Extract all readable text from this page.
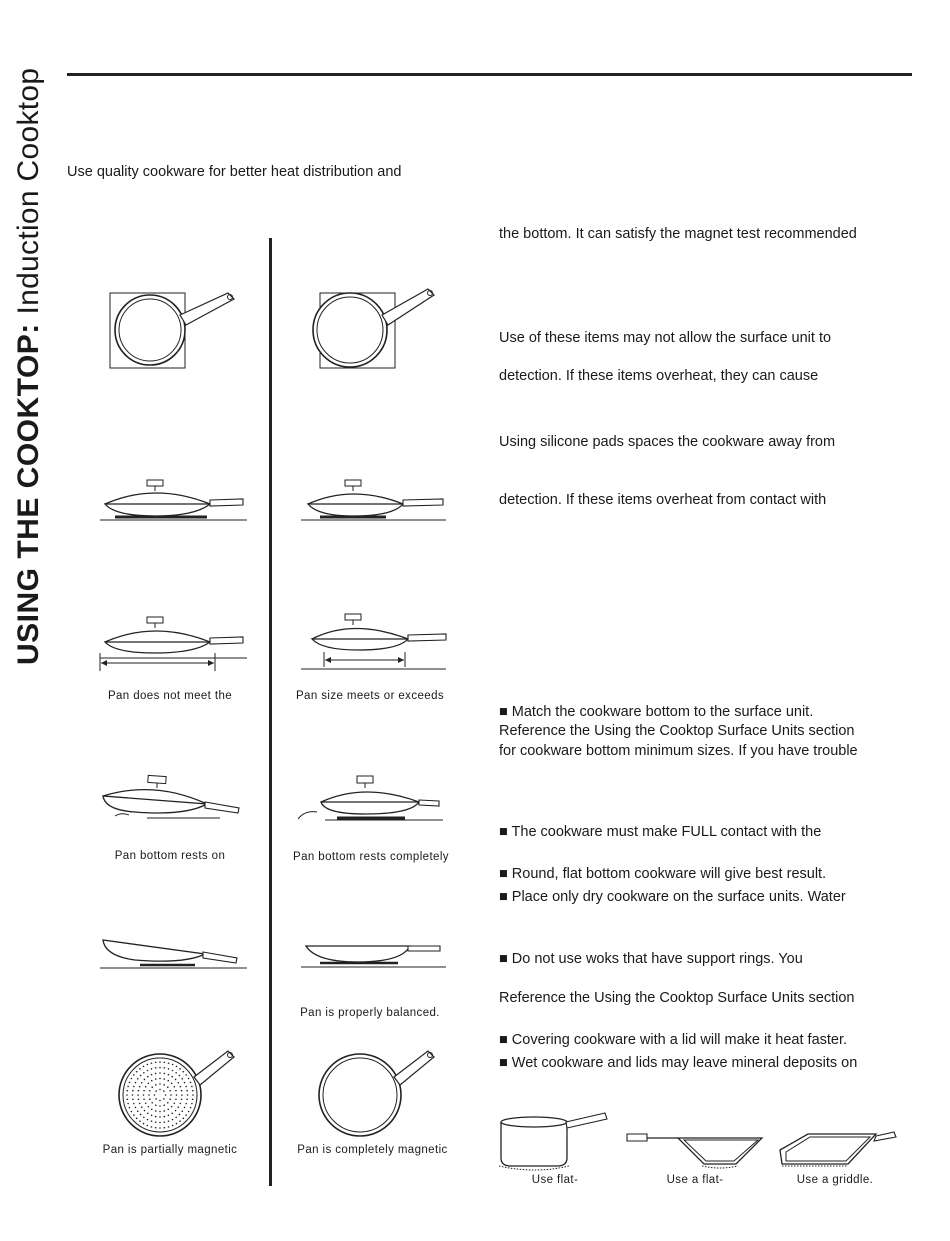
USING THE COOKTOP: Induction Cooktop Use quality cookware for better heat distribution and
the bottom. It can satisfy the magnet test recommended
Use of these items may not allow the surface unit to
detection. If these items overheat, they can cause
Using silicone pads spaces the cookware away from
detection. If these items overheat from contact with
■ Match the cookware bottom to the surface unit.
Reference the Using the Cooktop Surface Units section
for cookware bottom minimum sizes. If you have trouble
■ The cookware must make FULL contact with the
■ Round, flat bottom cookware will give best result.
■ Place only dry cookware on the surface units. Water
■ Do not use woks that have support rings. You
Reference the Using the Cooktop Surface Units section
■ Covering cookware with a lid will make it heat faster.
■ Wet cookware and lids may leave mineral deposits on
Pan does not meet the	Pan size meets or exceeds
Pan bottom rests on	Pan bottom rests completely
Pan is properly balanced.
Pan is partially magnetic	Pan is completely magnetic
Use flat-	Use a flat-	Use a griddle.
